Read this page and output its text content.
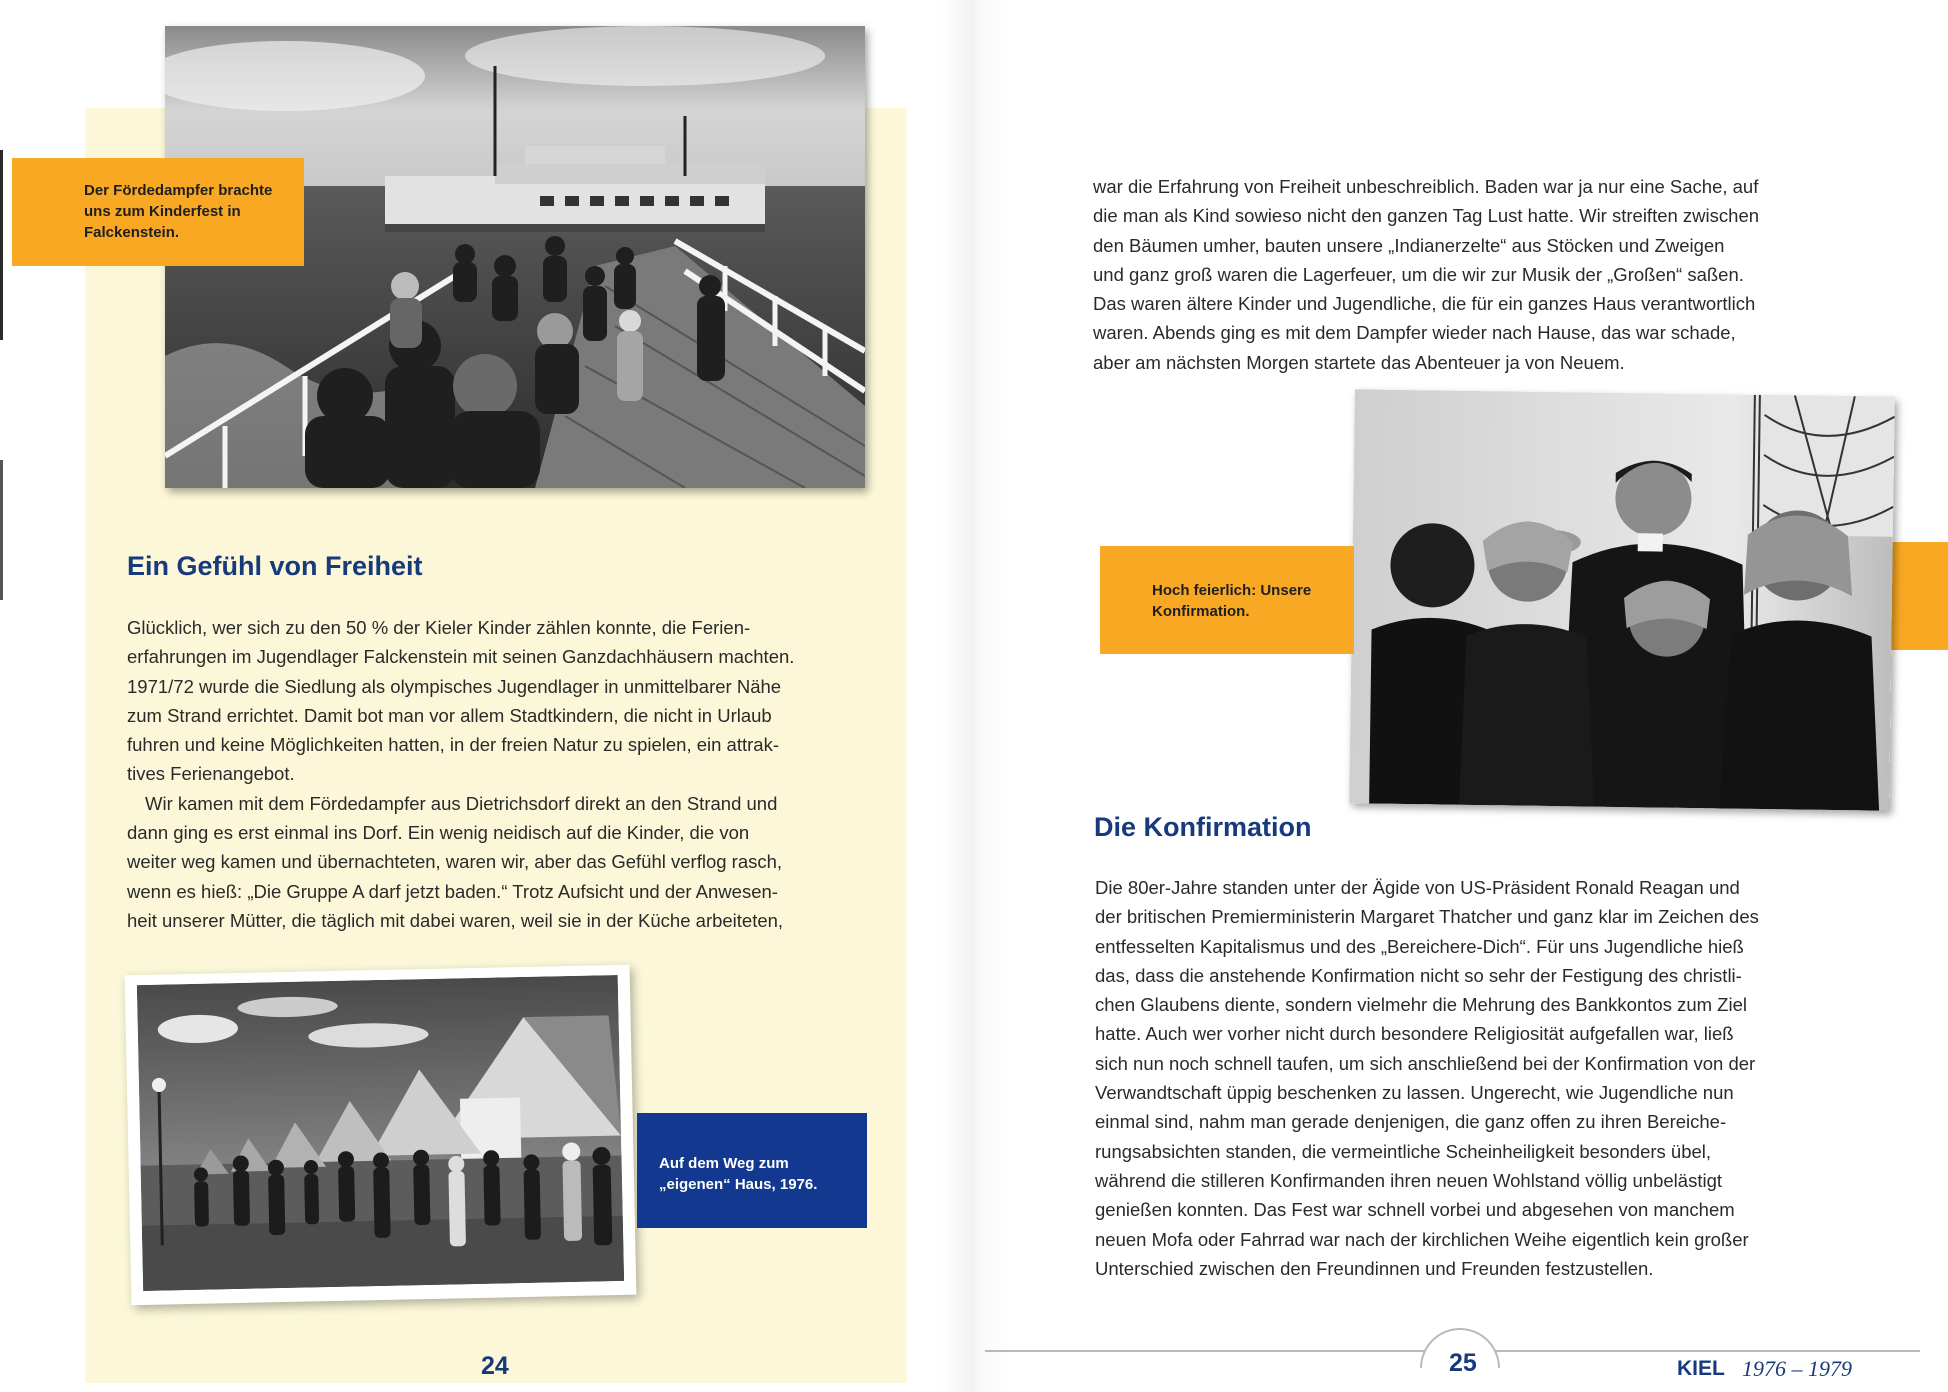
Der Fördedampfer brachte uns zum Kinderfest in Falckenstein.
Ein Gefühl von Freiheit

Glücklich, wer sich zu den 50 % der Kieler Kinder zählen konnte, die Ferien-

erfahrungen im Jugendlager Falckenstein mit seinen Ganzdachhäusern machten.

1971/72 wurde die Siedlung als olympisches Jugendlager in unmittelbarer Nähe

zum Strand errichtet. Damit bot man vor allem Stadtkindern, die nicht in Urlaub

fuhren und keine Möglichkeiten hatten, in der freien Natur zu spielen, ein attrak-

tives Ferienangebot.

Wir kamen mit dem Fördedampfer aus Dietrichsdorf direkt an den Strand und

dann ging es erst einmal ins Dorf. Ein wenig neidisch auf die Kinder, die von

weiter weg kamen und übernachteten, waren wir, aber das Gefühl verflog rasch,

wenn es hieß: „Die Gruppe A darf jetzt baden.“ Trotz Aufsicht und der Anwesen-

heit unserer Mütter, die täglich mit dabei waren, weil sie in der Küche arbeiteten,

Auf dem Weg zum „eigenen“ Haus, 1976.
24

war die Erfahrung von Freiheit unbeschreiblich. Baden war ja nur eine Sache, auf

die man als Kind sowieso nicht den ganzen Tag Lust hatte. Wir streiften zwischen

den Bäumen umher, bauten unsere „Indianerzelte“ aus Stöcken und Zweigen

und ganz groß waren die Lagerfeuer, um die wir zur Musik der „Großen“ saßen.

Das waren ältere Kinder und Jugendliche, die für ein ganzes Haus verantwortlich

waren. Abends ging es mit dem Dampfer wieder nach Hause, das war schade,

aber am nächsten Morgen startete das Abenteuer ja von Neuem.

Hoch feierlich: Unsere Konfirmation.
Die Konfirmation

Die 80er-Jahre standen unter der Ägide von US-Präsident Ronald Reagan und

der britischen Premierministerin Margaret Thatcher und ganz klar im Zeichen des

entfesselten Kapitalismus und des „Bereichere-Dich“. Für uns Jugendliche hieß

das, dass die anstehende Konfirmation nicht so sehr der Festigung des christli-

chen Glaubens diente, sondern vielmehr die Mehrung des Bankkontos zum Ziel

hatte. Auch wer vorher nicht durch besondere Religiosität aufgefallen war, ließ

sich nun noch schnell taufen, um sich anschließend bei der Konfirmation von der

Verwandtschaft üppig beschenken zu lassen. Ungerecht, wie Jugendliche nun

einmal sind, nahm man gerade denjenigen, die ganz offen zu ihren Bereiche-

rungsabsichten standen, die vermeintliche Scheinheiligkeit besonders übel,

während die stilleren Konfirmanden ihren neuen Wohlstand völlig unbelästigt

genießen konnten. Das Fest war schnell vorbei und abgesehen von manchem

neuen Mofa oder Fahrrad war nach der kirchlichen Weihe eigentlich kein großer

Unterschied zwischen den Freundinnen und Freunden festzustellen.

25	KIEL 1976 – 1979
